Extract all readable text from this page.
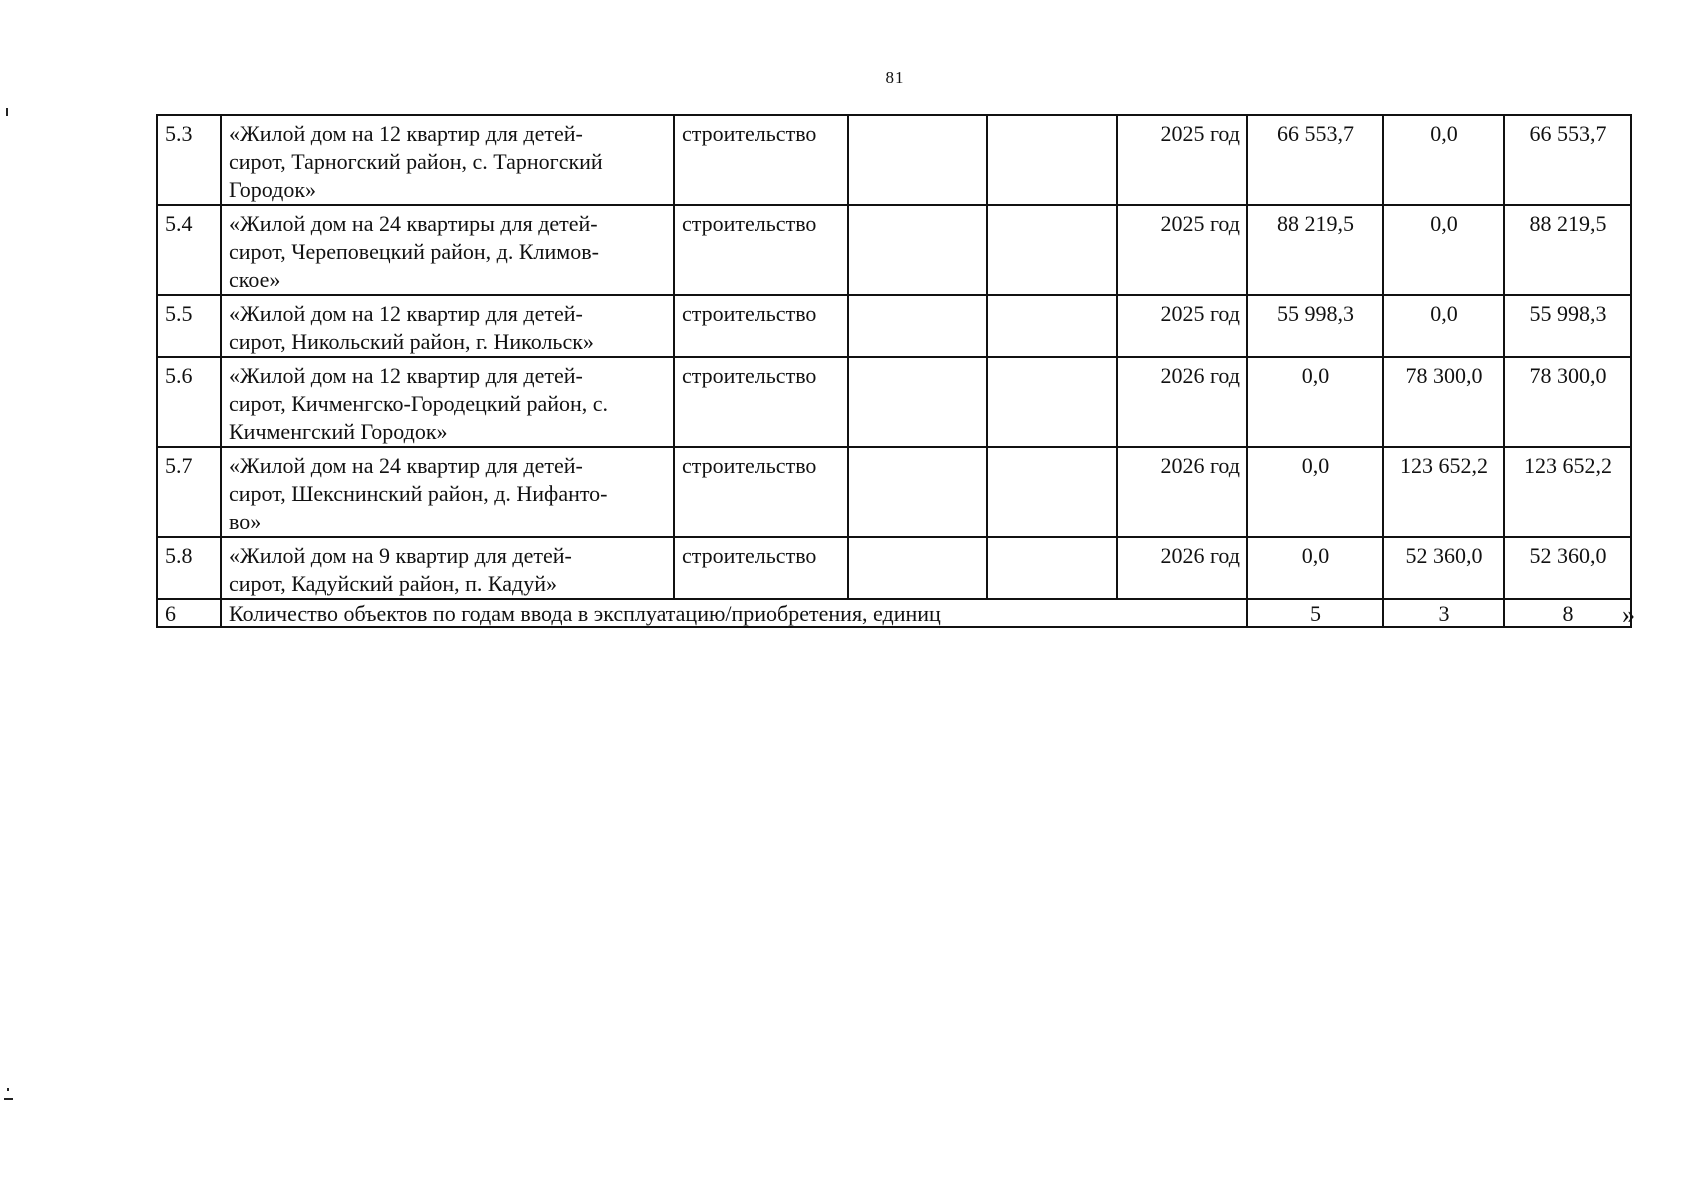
81
5.3	«Жилой дом на 12 квартир для детей-
сирот, Тарногский район, с. Тарногский
Городок»	строительство			2025 год	66 553,7	0,0	66 553,7
5.4	«Жилой дом на 24 квартиры для детей-
сирот, Череповецкий район, д. Климов-
ское»	строительство			2025 год	88 219,5	0,0	88 219,5
5.5	«Жилой дом на 12 квартир для детей-
сирот, Никольский район, г. Никольск»	строительство			2025 год	55 998,3	0,0	55 998,3
5.6	«Жилой дом на 12 квартир для детей-
сирот, Кичменгско-Городецкий район, с.
Кичменгский Городок»	строительство			2026 год	0,0	78 300,0	78 300,0
5.7	«Жилой дом на 24 квартир для детей-
сирот, Шекснинский район, д. Нифанто-
во»	строительство			2026 год	0,0	123 652,2	123 652,2
5.8	«Жилой дом на 9 квартир для детей-
сирот, Кадуйский район, п. Кадуй»	строительство			2026 год	0,0	52 360,0	52 360,0
6	Количество объектов по годам ввода в эксплуатацию/приобретения, единиц					5	3	8 »
